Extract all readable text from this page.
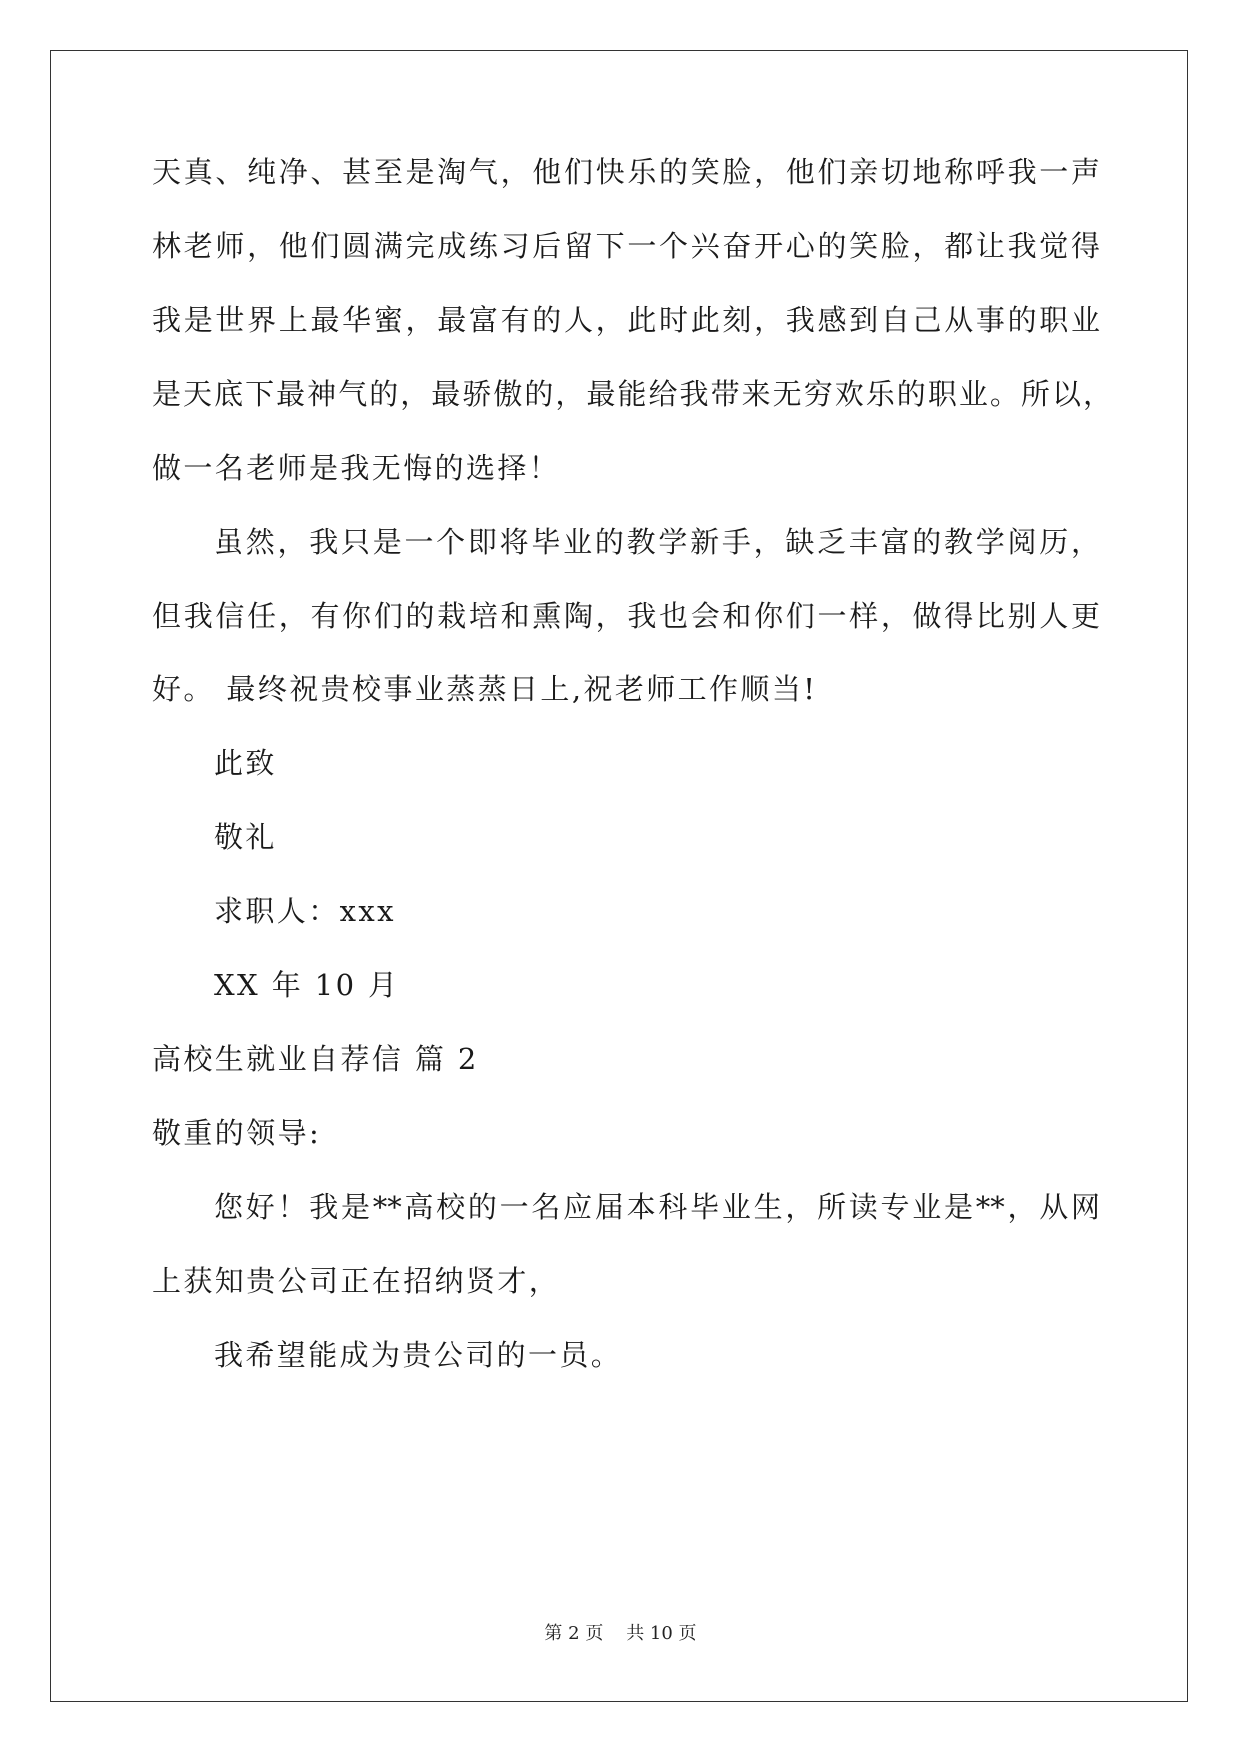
天真、纯净、甚至是淘气，他们快乐的笑脸，他们亲切地称呼我一声
林老师，他们圆满完成练习后留下一个兴奋开心的笑脸，都让我觉得
我是世界上最华蜜，最富有的人，此时此刻，我感到自己从事的职业
是天底下最神气的，最骄傲的，最能给我带来无穷欢乐的职业。所以，
做一名老师是我无悔的选择！
虽然，我只是一个即将毕业的教学新手，缺乏丰富的教学阅历，
但我信任，有你们的栽培和熏陶，我也会和你们一样，做得比别人更
好。 最终祝贵校事业蒸蒸日上,祝老师工作顺当!
此致
敬礼
求职人：xxx
XX 年 10 月
高校生就业自荐信 篇 2
敬重的领导:
您好！我是**高校的一名应届本科毕业生，所读专业是**，从网
上获知贵公司正在招纳贤才，
我希望能成为贵公司的一员。
第 2 页    共 10 页
